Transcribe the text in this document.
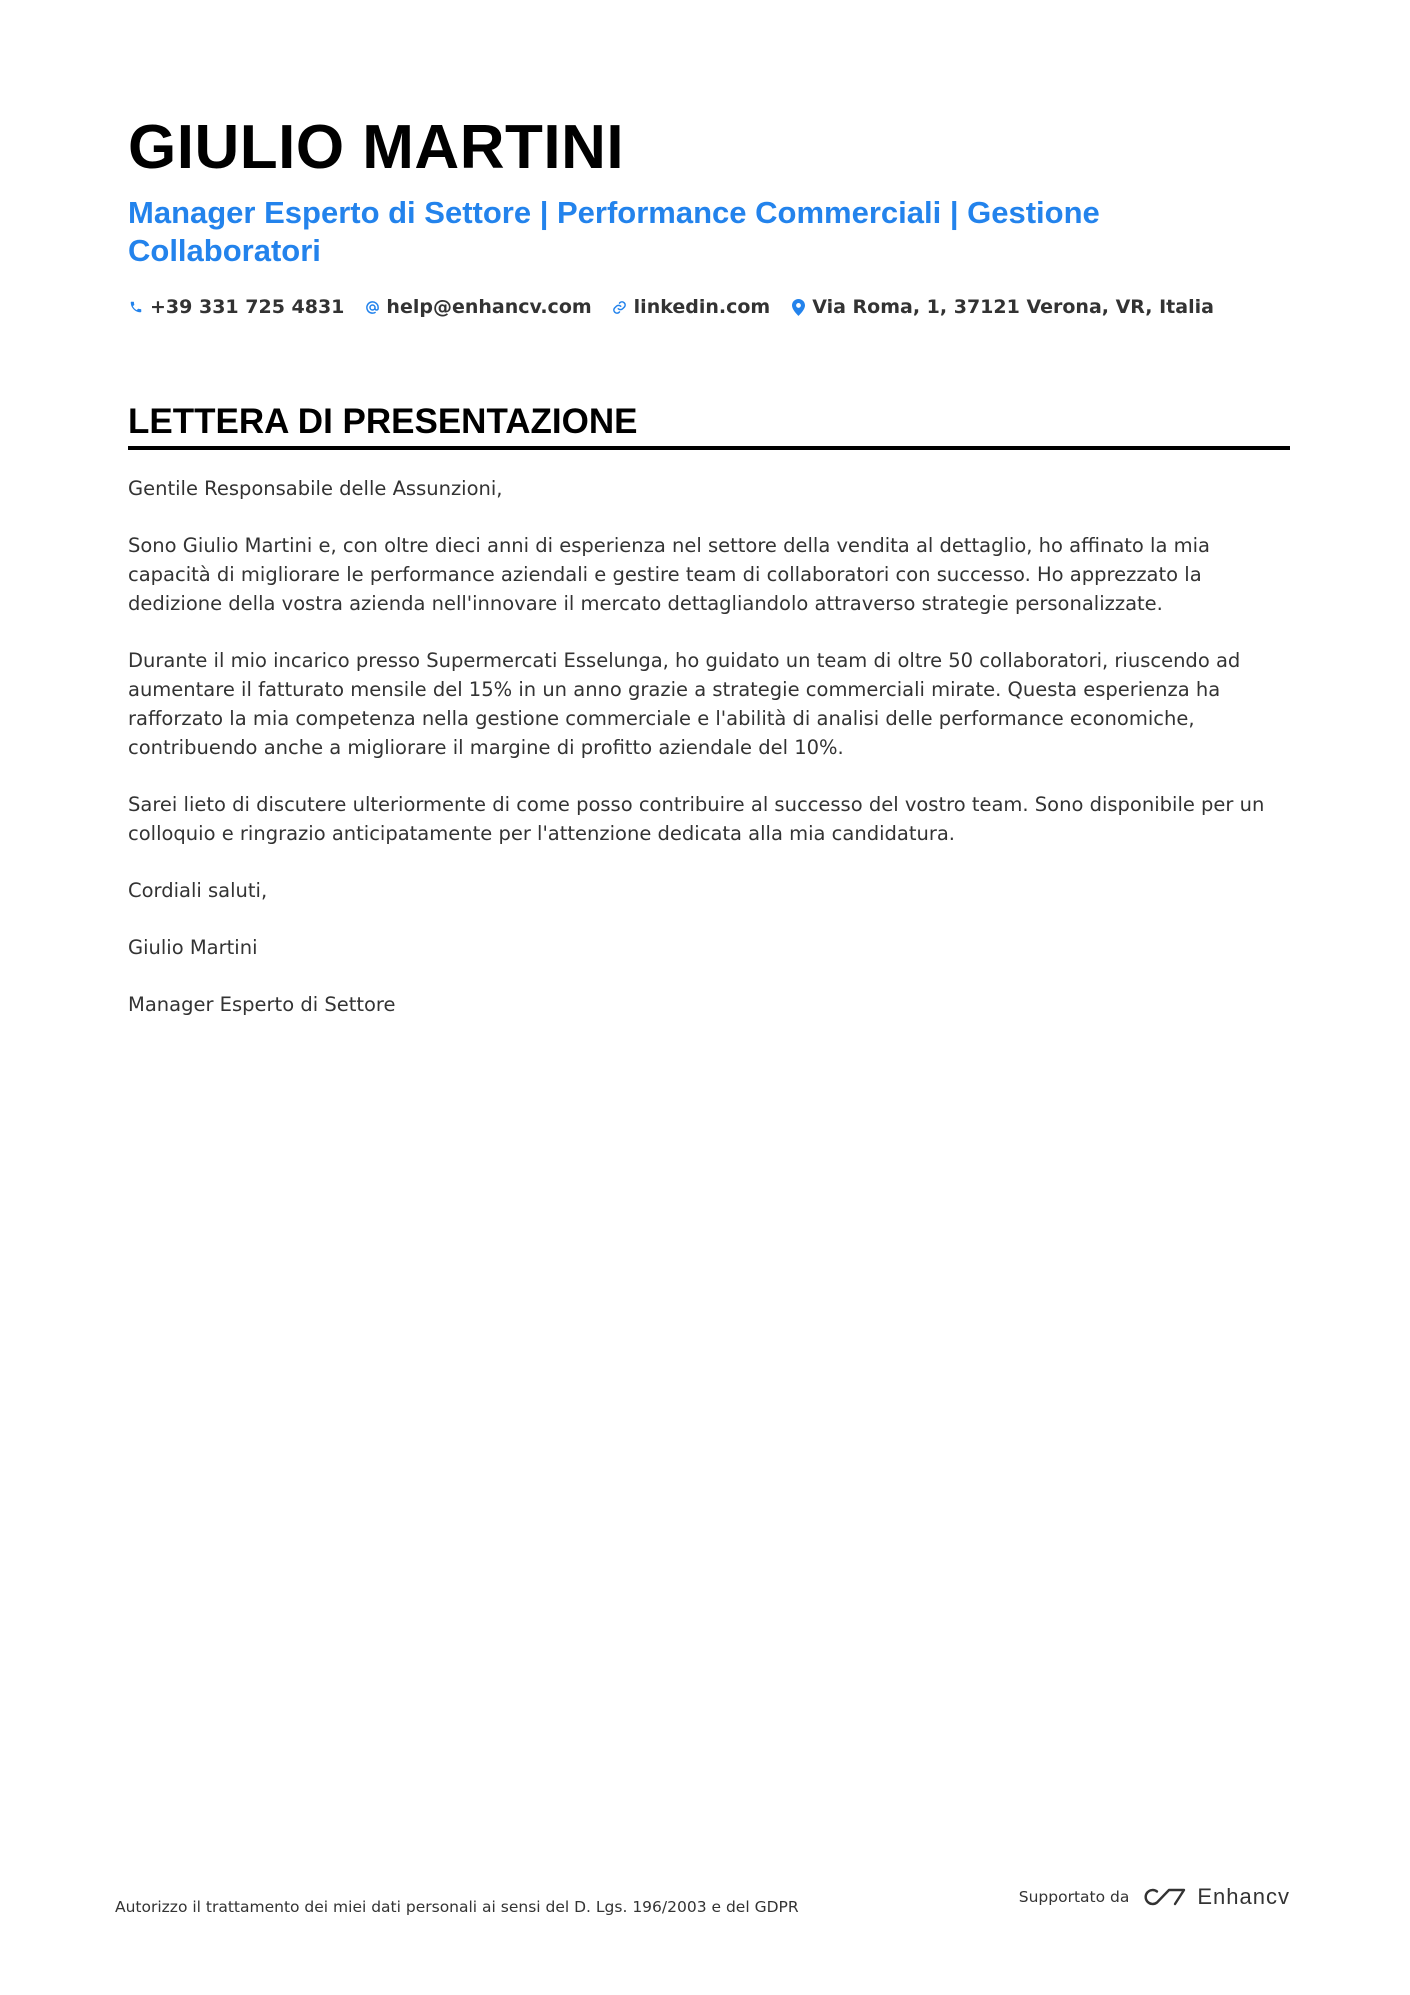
GIULIO MARTINI
Manager Esperto di Settore | Performance Commerciali | Gestione Collaboratori
+39 331 725 4831 help@enhancv.com linkedin.com Via Roma, 1, 37121 Verona, VR, Italia
LETTERA DI PRESENTAZIONE

Gentile Responsabile delle Assunzioni,

Sono Giulio Martini e, con oltre dieci anni di esperienza nel settore della vendita al dettaglio, ho affinato la mia capacità di migliorare le performance aziendali e gestire team di collaboratori con successo. Ho apprezzato la dedizione della vostra azienda nell'innovare il mercato dettagliandolo attraverso strategie personalizzate.

Durante il mio incarico presso Supermercati Esselunga, ho guidato un team di oltre 50 collaboratori, riuscendo ad aumentare il fatturato mensile del 15% in un anno grazie a strategie commerciali mirate. Questa esperienza ha rafforzato la mia competenza nella gestione commerciale e l'abilità di analisi delle performance economiche, contribuendo anche a migliorare il margine di profitto aziendale del 10%.

Sarei lieto di discutere ulteriormente di come posso contribuire al successo del vostro team. Sono disponibile per un colloquio e ringrazio anticipatamente per l'attenzione dedicata alla mia candidatura.

Cordiali saluti,

Giulio Martini

Manager Esperto di Settore

Autorizzo il trattamento dei miei dati personali ai sensi del D. Lgs. 196/2003 e del GDPR
Supportato da	Enhancv
